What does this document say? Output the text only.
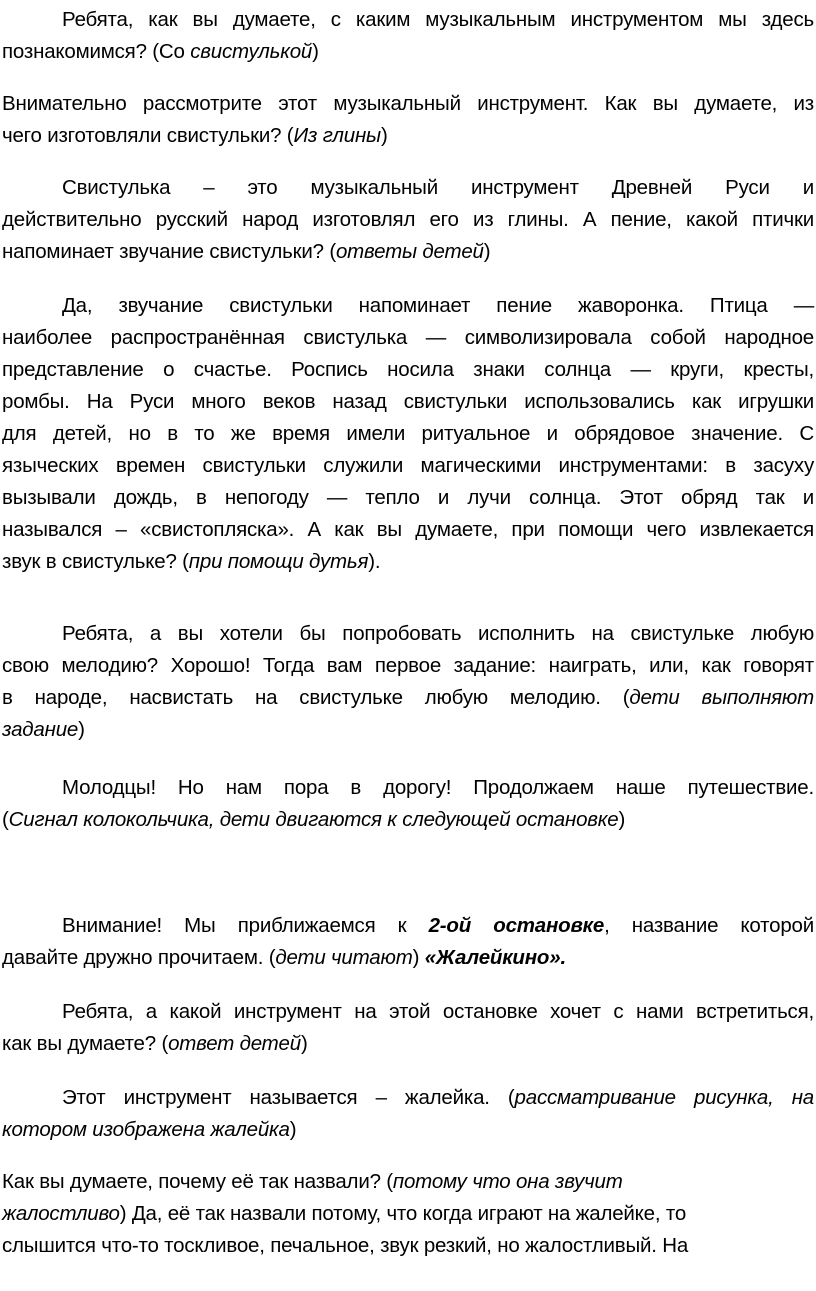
Ребята, как вы думаете, с каким музыкальным инструментом мы здесь
познакомимся? (Со свистулькой)
Внимательно рассмотрите этот музыкальный инструмент. Как вы думаете, из
чего изготовляли свистульки? (Из глины)
Свистулька – это музыкальный инструмент Древней Руси и
действительно русский народ изготовлял его из глины. А пение, какой птички
напоминает звучание свистульки? (ответы детей)
Да, звучание свистульки напоминает пение жаворонка. Птица —
наиболее распространённая свистулька — символизировала собой народное
представление о счастье. Роспись носила знаки солнца — круги, кресты,
ромбы. На Руси много веков назад свистульки использовались как игрушки
для детей, но в то же время имели ритуальное и обрядовое значение. С
языческих времен свистульки служили магическими инструментами: в засуху
вызывали дождь, в непогоду — тепло и лучи солнца. Этот обряд так и
назывался – «свистопляска». А как вы думаете, при помощи чего извлекается
звук в свистульке? (при помощи дутья).
Ребята, а вы хотели бы попробовать исполнить на свистульке любую
свою мелодию? Хорошо! Тогда вам первое задание: наиграть, или, как говорят
в народе, насвистать на свистульке любую мелодию. (дети выполняют
задание)
Молодцы! Но нам пора в дорогу! Продолжаем наше путешествие.
(Сигнал колокольчика, дети двигаются к следующей остановке)
Внимание! Мы приближаемся к 2-ой остановке, название которой
давайте дружно прочитаем. (дети читают) «Жалейкино».
Ребята, а какой инструмент на этой остановке хочет с нами встретиться,
как вы думаете? (ответ детей)
Этот инструмент называется – жалейка. (рассматривание рисунка, на
котором изображена жалейка)
Как вы думаете, почему её так назвали? (потому что она звучит
жалостливо) Да, её так назвали потому, что когда играют на жалейке, то
слышится что-то тоскливое, печальное, звук резкий, но жалостливый. На
